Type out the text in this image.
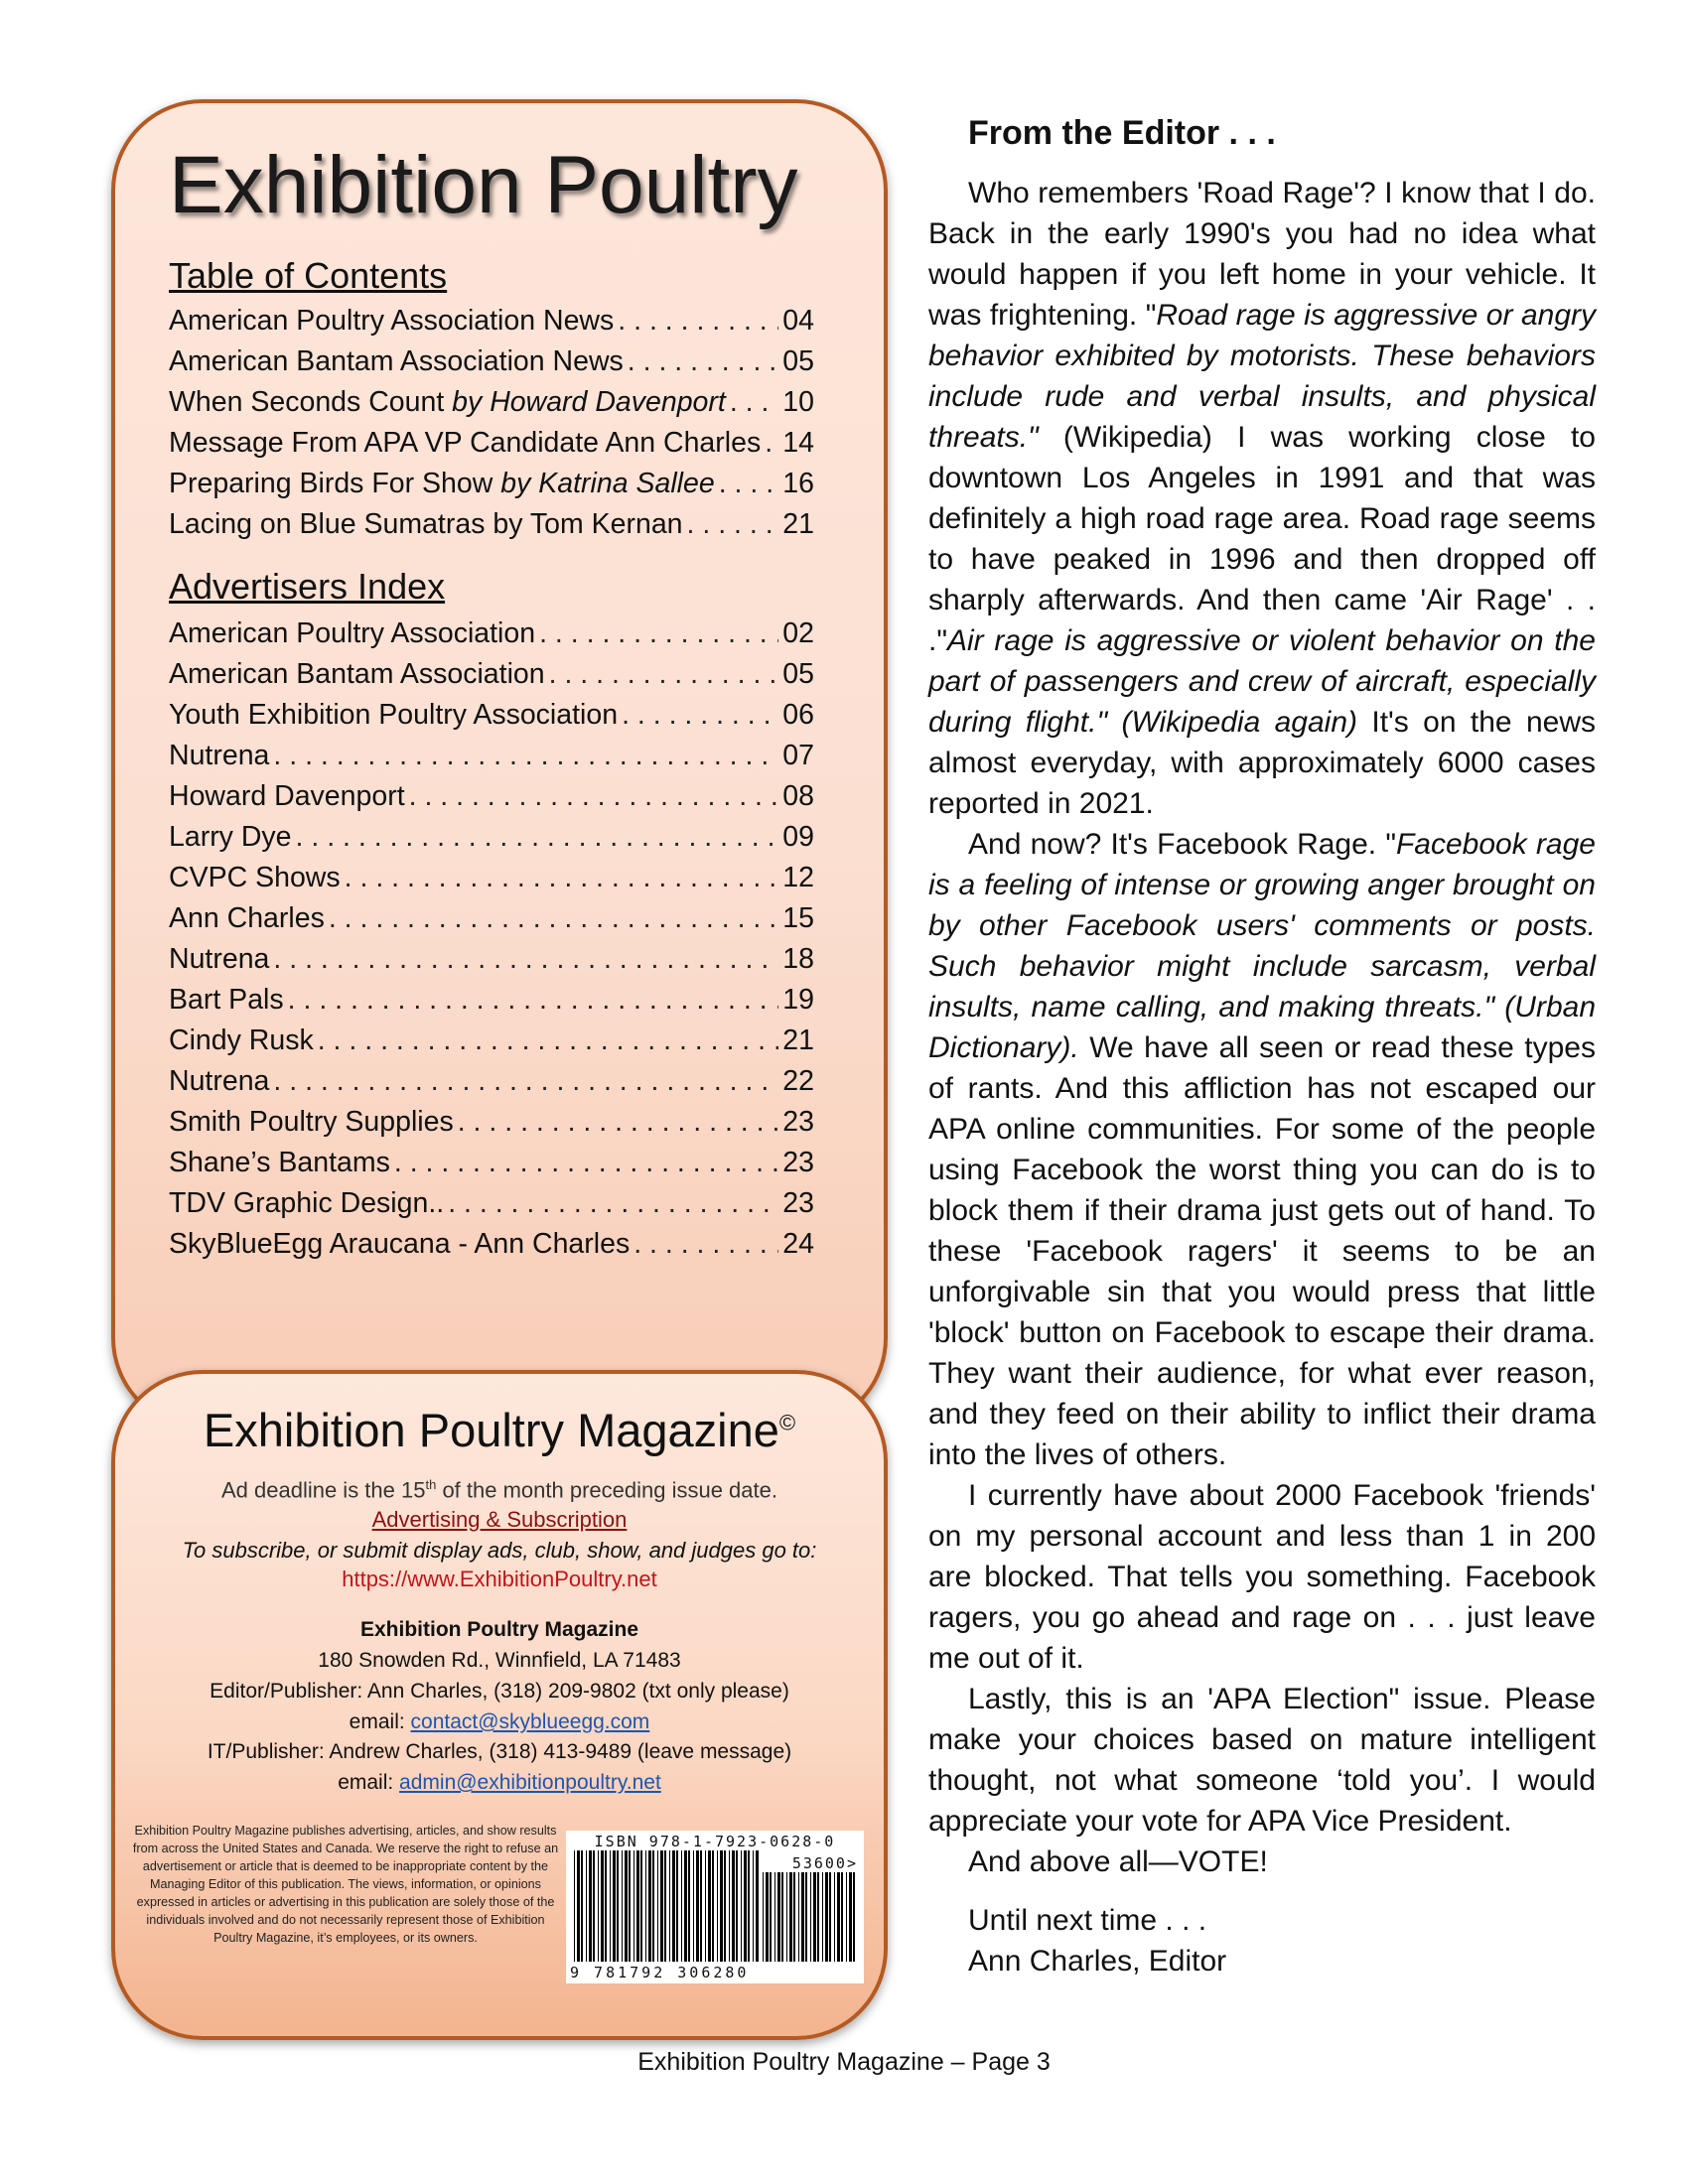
Exhibition Poultry
Table of Contents
American Poultry Association News . . .	04
American Bantam Association News . . .	05
When Seconds Count by Howard Davenport . . . 10
Message From APA VP Candidate Ann Charles . . . 14
Preparing Birds For Show by Katrina Sallee . . . 16
Lacing on Blue Sumatras by Tom Kernan . . .	21
Advertisers Index
American Poultry Association . . .	02
American Bantam Association . . .	05
Youth Exhibition Poultry Association . . .	06
Nutrena . . .	07
Howard Davenport . . .	08
Larry Dye . . .	09
CVPC Shows . . .	12
Ann Charles . . .	15
Nutrena . . .	18
Bart Pals . . .	19
Cindy Rusk . . .	21
Nutrena . . .	22
Smith Poultry Supplies . . .	23
Shane’s Bantams . . .	23
TDV Graphic Design.. . . .	23
SkyBlueEgg Araucana - Ann Charles . . .	24
Exhibition Poultry Magazine©
Ad deadline is the 15th of the month preceding issue date.
Advertising & Subscription
To subscribe, or submit display ads, club, show, and judges go to:
https://www.ExhibitionPoultry.net
Exhibition Poultry Magazine
180 Snowden Rd., Winnfield, LA 71483
Editor/Publisher: Ann Charles, (318) 209-9802 (txt only please)
email: contact@skyblueegg.com
IT/Publisher: Andrew Charles, (318) 413-9489 (leave message)
email: admin@exhibitionpoultry.net
Exhibition Poultry Magazine publishes advertising, articles, and show results from across the United States and Canada. We reserve the right to refuse an advertisement or article that is deemed to be inappropriate content by the Managing Editor of this publication. The views, information, or opinions expressed in articles or advertising in this publication are solely those of the individuals involved and do not necessarily represent those of Exhibition Poultry Magazine, it’s employees, or its owners.
ISBN 978-1-7923-0628-0
53600>
9 781792 306280
From the Editor . . .

Who remembers 'Road Rage'? I know that I do. Back in the early 1990's you had no idea what would happen if you left home in your vehicle. It was frightening. "Road rage is aggressive or angry behavior exhibited by motorists. These behaviors include rude and verbal insults, and physical threats." (Wikipedia) I was working close to downtown Los Angeles in 1991 and that was definitely a high road rage area. Road rage seems to have peaked in 1996 and then dropped off sharply afterwards. And then came 'Air Rage' . . ."Air rage is aggressive or violent behavior on the part of passengers and crew of aircraft, especially during flight." (Wikipedia again) It's on the news almost everyday, with approximately 6000 cases reported in 2021.

And now? It's Facebook Rage. "Facebook rage is a feeling of intense or growing anger brought on by other Facebook users' comments or posts. Such behavior might include sarcasm, verbal insults, name calling, and making threats." (Urban Dictionary). We have all seen or read these types of rants. And this affliction has not escaped our APA online communities. For some of the people using Facebook the worst thing you can do is to block them if their drama just gets out of hand. To these 'Facebook ragers' it seems to be an unforgivable sin that you would press that little 'block' button on Facebook to escape their drama. They want their audience, for what ever reason, and they feed on their ability to inflict their drama into the lives of others.

I currently have about 2000 Facebook 'friends' on my personal account and less than 1 in 200 are blocked. That tells you something. Facebook ragers, you go ahead and rage on . . . just leave me out of it.

Lastly, this is an 'APA Election" issue. Please make your choices based on mature intelligent thought, not what someone ‘told you’. I would appreciate your vote for APA Vice President.

And above all—VOTE!

Until next time . . .

Ann Charles, Editor

Exhibition Poultry Magazine – Page 3
